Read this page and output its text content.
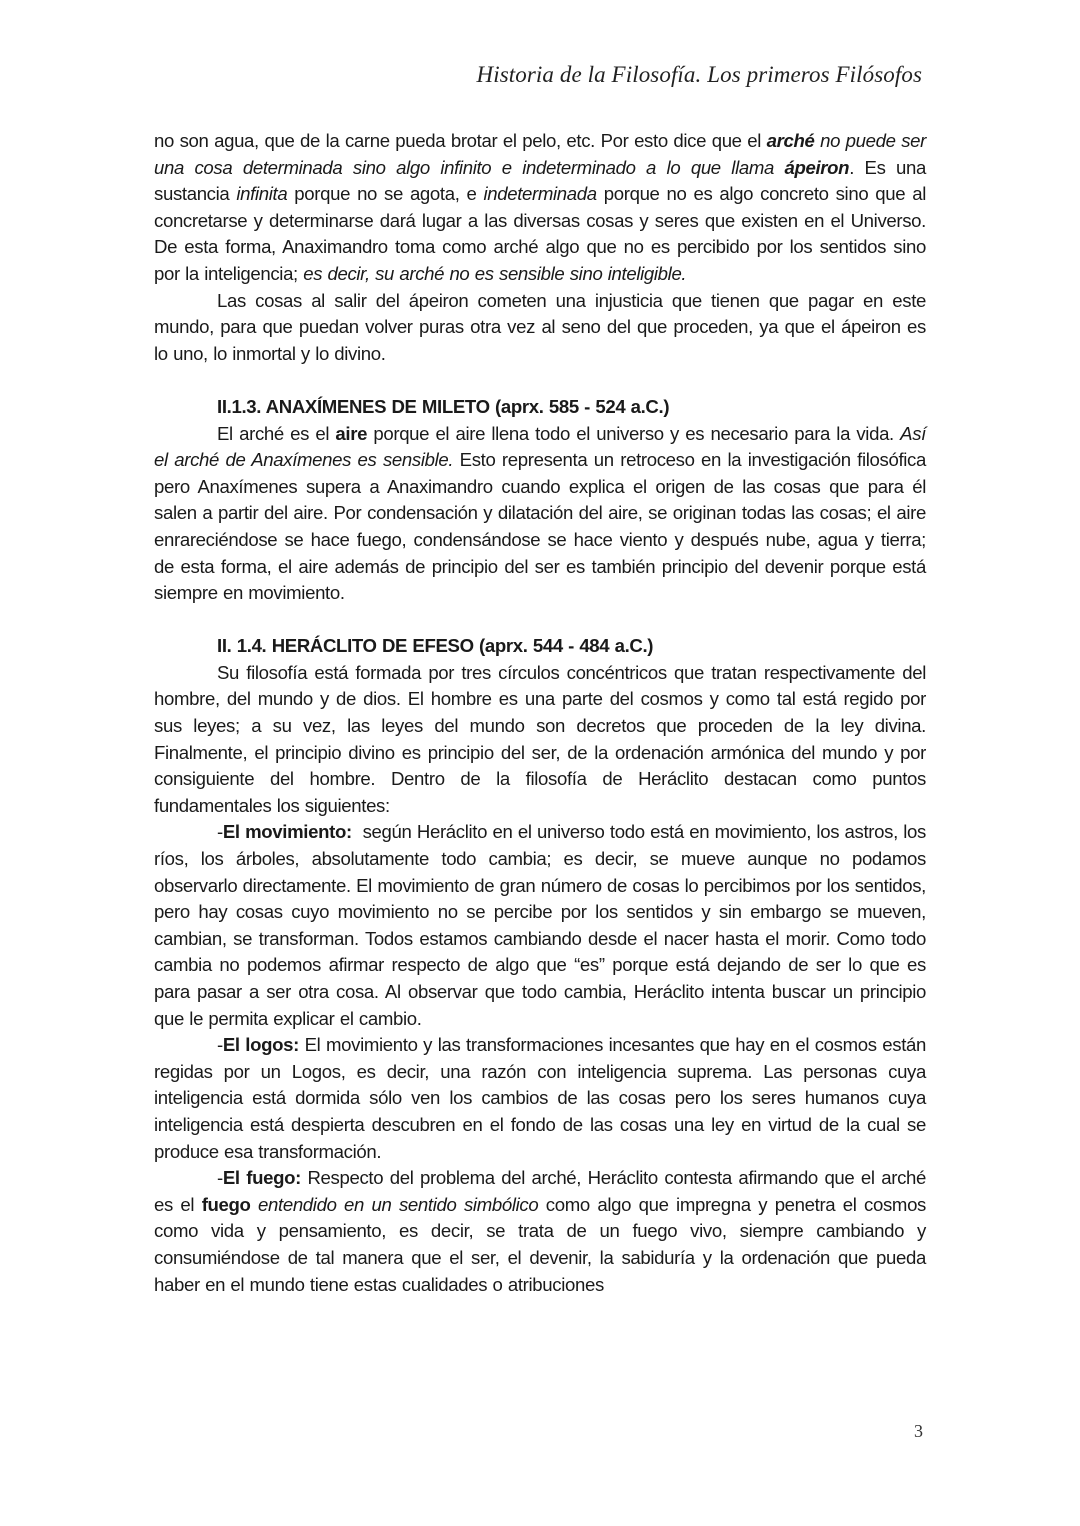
Historia de la Filosofía. Los primeros Filósofos

no son agua, que de la carne pueda brotar el pelo, etc. Por esto dice que el arché no puede ser una cosa determinada sino algo infinito e indeterminado a lo que llama ápeiron. Es una sustancia infinita porque no se agota, e indeterminada porque no es algo concreto sino que al concretarse y determinarse dará lugar a las diversas cosas y seres que existen en el Universo. De esta forma, Anaximandro toma como arché algo que no es percibido por los sentidos sino por la inteligencia; es decir, su arché no es sensible sino inteligible.

Las cosas al salir del ápeiron cometen una injusticia que tienen que pagar en este mundo, para que puedan volver puras otra vez al seno del que proceden, ya que el ápeiron es lo uno, lo inmortal y lo divino.

II.1.3. ANAXÍMENES DE MILETO (aprx. 585 - 524 a.C.)

El arché es el aire porque el aire llena todo el universo y es necesario para la vida. Así el arché de Anaxímenes es sensible. Esto representa un retroceso en la investigación filosófica pero Anaxímenes supera a Anaximandro cuando explica el origen de las cosas que para él salen a partir del aire. Por condensación y dilatación del aire, se originan todas las cosas; el aire enrareciéndose se hace fuego, condensándose se hace viento y después nube, agua y tierra; de esta forma, el aire además de principio del ser es también principio del devenir porque está siempre en movimiento.

II. 1.4. HERÁCLITO DE EFESO (aprx. 544 - 484 a.C.)

Su filosofía está formada por tres círculos concéntricos que tratan respectivamente del hombre, del mundo y de dios. El hombre es una parte del cosmos y como tal está regido por sus leyes; a su vez, las leyes del mundo son decretos que proceden de la ley divina. Finalmente, el principio divino es principio del ser, de la ordenación armónica del mundo y por consiguiente del hombre. Dentro de la filosofía de Heráclito destacan como puntos fundamentales los siguientes:

-El movimiento:  según Heráclito en el universo todo está en movimiento, los astros, los ríos, los árboles, absolutamente todo cambia; es decir, se mueve aunque no podamos observarlo directamente. El movimiento de gran número de cosas lo percibimos por los sentidos, pero hay cosas cuyo movimiento no se percibe por los sentidos y sin embargo se mueven, cambian, se transforman. Todos estamos cambiando desde el nacer hasta el morir. Como todo cambia no podemos afirmar respecto de algo que “es” porque está dejando de ser lo que es para pasar a ser otra cosa. Al observar que todo cambia, Heráclito intenta buscar un principio que le permita explicar el cambio.

-El logos: El movimiento y las transformaciones incesantes que hay en el cosmos están regidas por un Logos, es decir, una razón con inteligencia suprema. Las personas cuya inteligencia está dormida sólo ven los cambios de las cosas pero los seres humanos cuya inteligencia está despierta descubren en el fondo de las cosas una ley en virtud de la cual se produce esa transformación.

-El fuego: Respecto del problema del arché, Heráclito contesta afirmando que el arché es el fuego entendido en un sentido simbólico como algo que impregna y penetra el cosmos como vida y pensamiento, es decir, se trata de un fuego vivo, siempre cambiando y consumiéndose de tal manera que el ser, el devenir, la sabiduría y la ordenación que pueda haber en el mundo tiene estas cualidades o atribuciones

3
